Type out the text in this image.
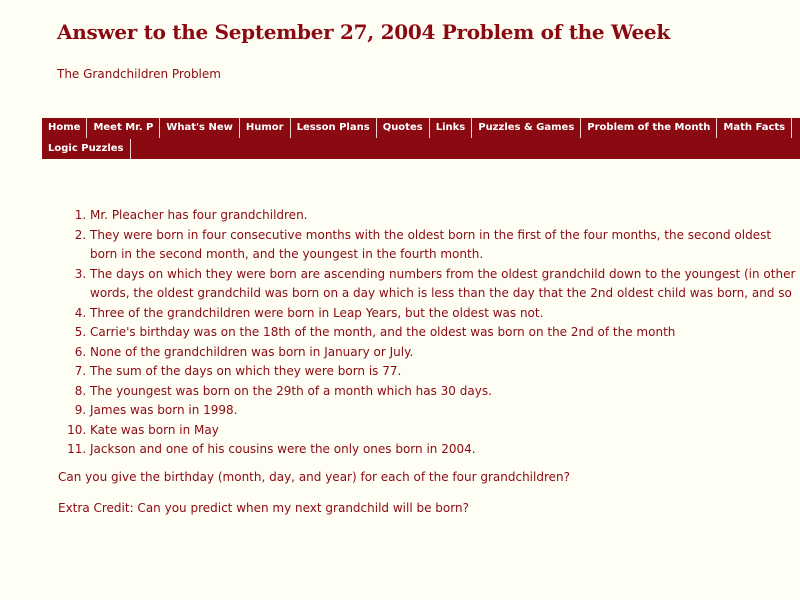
Answer to the September 27, 2004 Problem of the Week

The Grandchildren Problem

Home	Meet Mr. P	What's New	Humor	Lesson Plans	Quotes	Links	Puzzles & Games	Problem of the Month	Math Facts
Logic Puzzles
1. Mr. Pleacher has four grandchildren.
2. They were born in four consecutive months with the oldest born in the first of the four months, the second oldest
born in the second month, and the youngest in the fourth month.
3. The days on which they were born are ascending numbers from the oldest grandchild down to the youngest (in other
words, the oldest grandchild was born on a day which is less than the day that the 2nd oldest child was born, and so
4. Three of the grandchildren were born in Leap Years, but the oldest was not.
5. Carrie's birthday was on the 18th of the month, and the oldest was born on the 2nd of the month
6. None of the grandchildren was born in January or July.
7. The sum of the days on which they were born is 77.
8. The youngest was born on the 29th of a month which has 30 days.
9. James was born in 1998.
10. Kate was born in May
11. Jackson and one of his cousins were the only ones born in 2004.

Can you give the birthday (month, day, and year) for each of the four grandchildren?

Extra Credit: Can you predict when my next grandchild will be born?
